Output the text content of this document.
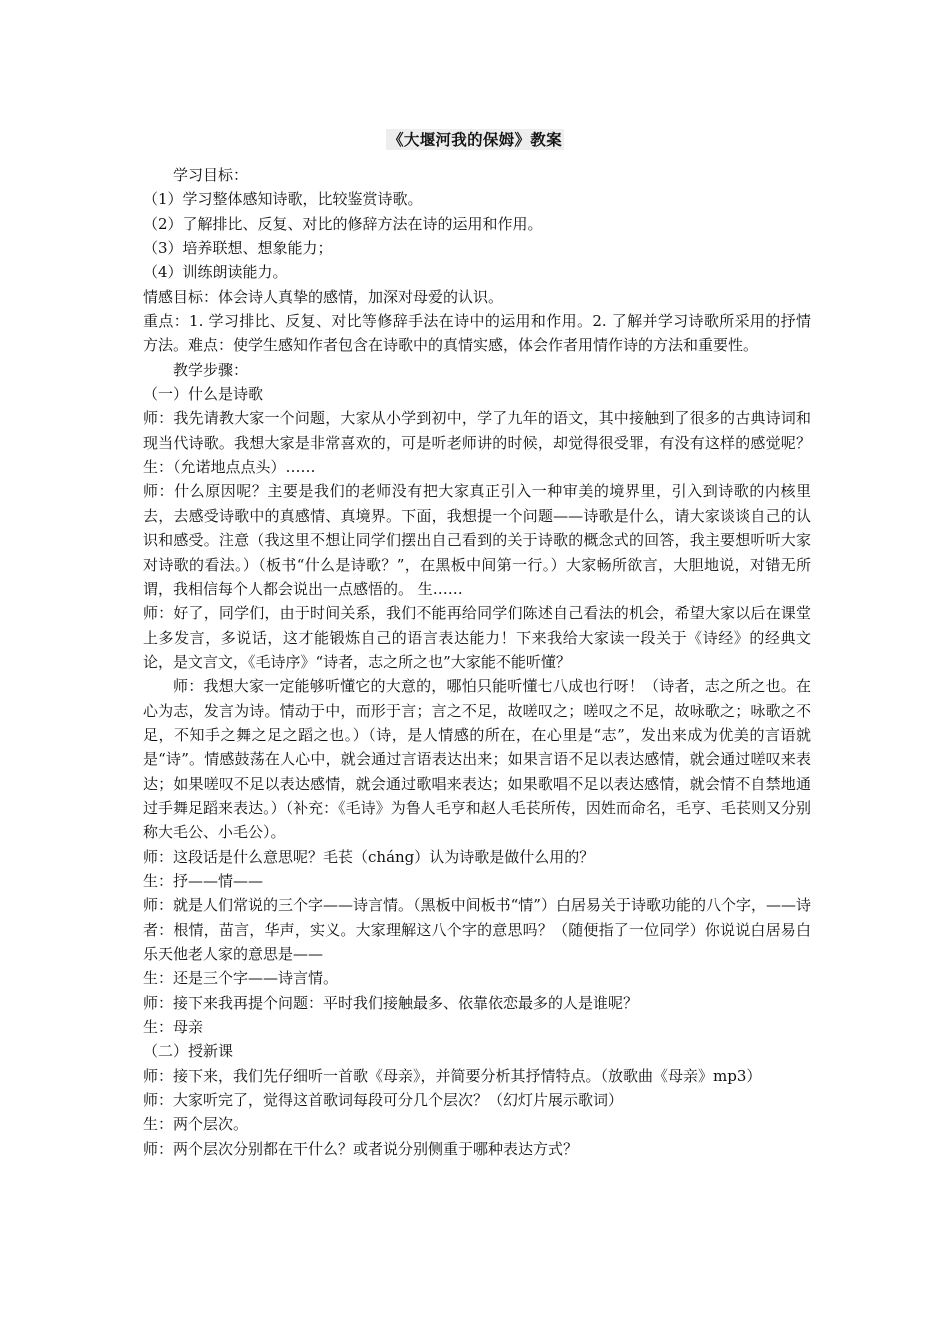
《大堰河我的保姆》教案

学习目标：

（1）学习整体感知诗歌，比较鉴赏诗歌。

（2）了解排比、反复、对比的修辞方法在诗的运用和作用。

（3）培养联想、想象能力；

（4）训练朗读能力。

情感目标：体会诗人真挚的感情，加深对母爱的认识。

重点：1. 学习排比、反复、对比等修辞手法在诗中的运用和作用。2. 了解并学习诗歌所采用的抒情方法。难点：使学生感知作者包含在诗歌中的真情实感，体会作者用情作诗的方法和重要性。

教学步骤：

（一）什么是诗歌

师：我先请教大家一个问题，大家从小学到初中，学了九年的语文，其中接触到了很多的古典诗词和现当代诗歌。我想大家是非常喜欢的，可是听老师讲的时候，却觉得很受罪，有没有这样的感觉呢？ 生：（允诺地点点头）……

师：什么原因呢？主要是我们的老师没有把大家真正引入一种审美的境界里，引入到诗歌的内核里去，去感受诗歌中的真感情、真境界。下面，我想提一个问题——诗歌是什么，请大家谈谈自己的认识和感受。注意（我这里不想让同学们摆出自己看到的关于诗歌的概念式的回答，我主要想听听大家对诗歌的看法。）（板书“什么是诗歌？”，在黑板中间第一行。）大家畅所欲言，大胆地说，对错无所谓，我相信每个人都会说出一点感悟的。 生……

师：好了，同学们，由于时间关系，我们不能再给同学们陈述自己看法的机会，希望大家以后在课堂上多发言，多说话，这才能锻炼自己的语言表达能力！下来我给大家读一段关于《诗经》的经典文论，是文言文，《毛诗序》“诗者，志之所之也”大家能不能听懂？

师：我想大家一定能够听懂它的大意的，哪怕只能听懂七八成也行呀！（诗者，志之所之也。在心为志，发言为诗。情动于中，而形于言；言之不足，故嗟叹之；嗟叹之不足，故咏歌之；咏歌之不足，不知手之舞之足之蹈之也。）（诗，是人情感的所在，在心里是“志”，发出来成为优美的言语就是“诗”。情感鼓荡在人心中，就会通过言语表达出来；如果言语不足以表达感情，就会通过嗟叹来表达；如果嗟叹不足以表达感情，就会通过歌唱来表达；如果歌唱不足以表达感情，就会情不自禁地通过手舞足蹈来表达。）（补充：《毛诗》为鲁人毛亨和赵人毛苌所传，因姓而命名，毛亨、毛苌则又分别称大毛公、小毛公）。

师：这段话是什么意思呢？毛苌（cháng）认为诗歌是做什么用的？

生：抒——情——

师：就是人们常说的三个字——诗言情。（黑板中间板书“情”）白居易关于诗歌功能的八个字，——诗者：根情，苗言，华声，实义。大家理解这八个字的意思吗？（随便指了一位同学）你说说白居易白乐天他老人家的意思是——

生：还是三个字——诗言情。

师：接下来我再提个问题：平时我们接触最多、依靠依恋最多的人是谁呢？

生：母亲

（二）授新课

师：接下来，我们先仔细听一首歌《母亲》，并简要分析其抒情特点。（放歌曲《母亲》mp3）

师：大家听完了，觉得这首歌词每段可分几个层次？（幻灯片展示歌词）

生：两个层次。

师：两个层次分别都在干什么？或者说分别侧重于哪种表达方式？
